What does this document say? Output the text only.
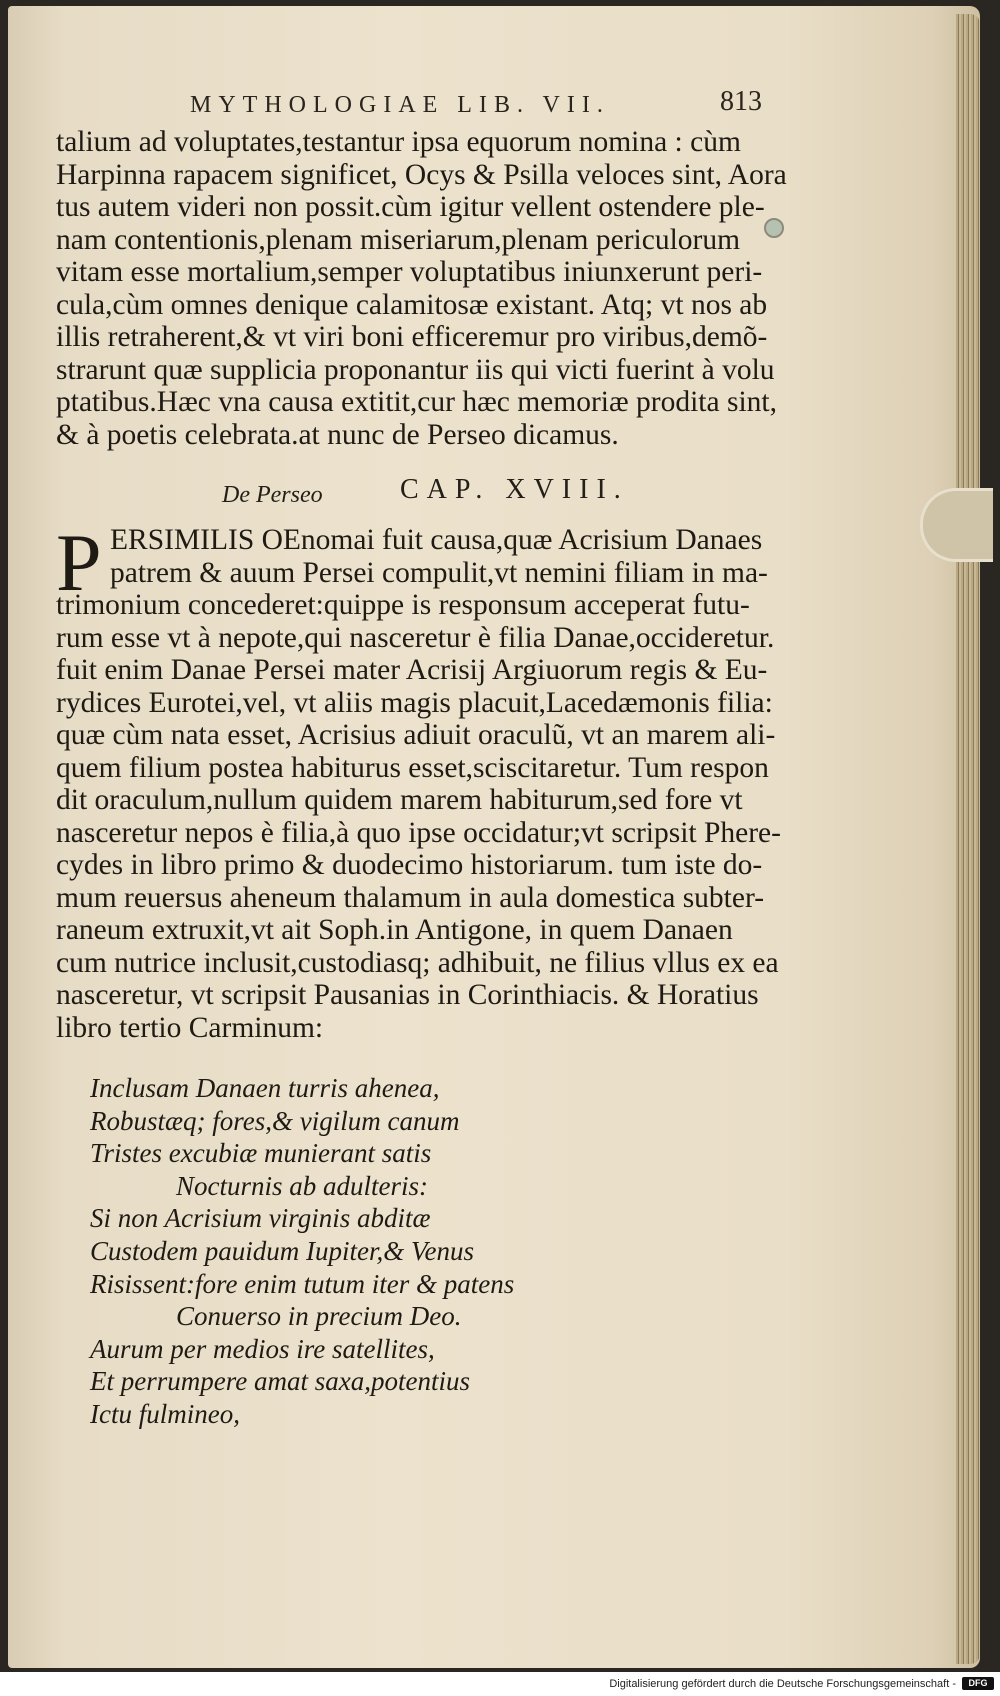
MYTHOLOGIAE LIB. VII.	813
talium ad voluptates,testantur ipsa equorum nomina : cùm
Harpinna rapacem significet, Ocys & Psilla veloces sint, Aora
tus autem videri non possit.cùm igitur vellent ostendere ple-
nam contentionis,plenam miseriarum,plenam periculorum
vitam esse mortalium,semper voluptatibus iniunxerunt peri-
cula,cùm omnes denique calamitosæ existant. Atq; vt nos ab
illis retraherent,& vt viri boni efficeremur pro viribus,demõ-
strarunt quæ supplicia proponantur iis qui victi fuerint à volu
ptatibus.Hæc vna causa extitit,cur hæc memoriæ prodita sint,
& à poetis celebrata.at nunc de Perseo dicamus.
De Perseo	CAP. XVIII.
P ERSIMILIS OEnomai fuit causa,quæ Acrisium Danaes
patrem & auum Persei compulit,vt nemini filiam in ma-
trimonium concederet:quippe is responsum acceperat futu-
rum esse vt à nepote,qui nasceretur è filia Danae,occideretur.
fuit enim Danae Persei mater Acrisij Argiuorum regis & Eu-
rydices Eurotei,vel, vt aliis magis placuit,Lacedæmonis filia:
quæ cùm nata esset, Acrisius adiuit oraculũ, vt an marem ali-
quem filium postea habiturus esset,sciscitaretur. Tum respon
dit oraculum,nullum quidem marem habiturum,sed fore vt
nasceretur nepos è filia,à quo ipse occidatur;vt scripsit Phere-
cydes in libro primo & duodecimo historiarum. tum iste do-
mum reuersus aheneum thalamum in aula domestica subter-
raneum extruxit,vt ait Soph.in Antigone, in quem Danaen
cum nutrice inclusit,custodiasq; adhibuit, ne filius vllus ex ea
nasceretur, vt scripsit Pausanias in Corinthiacis. & Horatius
libro tertio Carminum:
Inclusam Danaen turris ahenea,
Robustæq; fores,& vigilum canum
Tristes excubiæ munierant satis
Nocturnis ab adulteris:
Si non Acrisium virginis abditæ
Custodem pauidum Iupiter,& Venus
Risissent:fore enim tutum iter & patens
Conuerso in precium Deo.
Aurum per medios ire satellites,
Et perrumpere amat saxa,potentius
Ictu fulmineo,
Digitalisierung gefördert durch die Deutsche Forschungsgemeinschaft -	DFG
